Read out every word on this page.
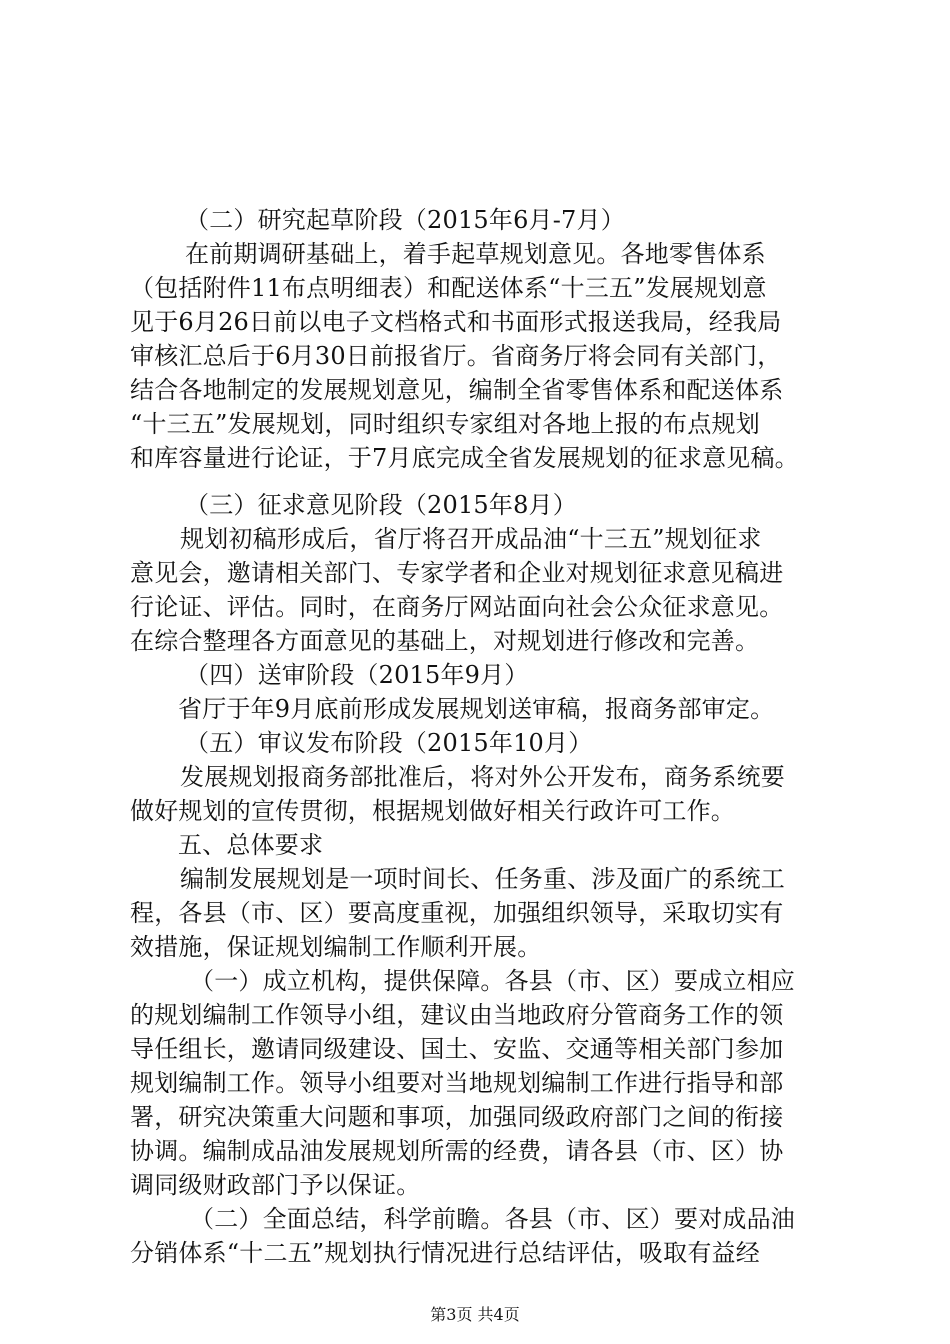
（二）研究起草阶段（2015年6月-7月）
在前期调研基础上，着手起草规划意见。各地零售体系
（包括附件11布点明细表）和配送体系“十三五”发展规划意
见于6月26日前以电子文档格式和书面形式报送我局，经我局
审核汇总后于6月30日前报省厅。省商务厅将会同有关部门，
结合各地制定的发展规划意见，编制全省零售体系和配送体系
“十三五”发展规划，同时组织专家组对各地上报的布点规划
和库容量进行论证，于7月底完成全省发展规划的征求意见稿。
（三）征求意见阶段（2015年8月）
规划初稿形成后，省厅将召开成品油“十三五”规划征求
意见会，邀请相关部门、专家学者和企业对规划征求意见稿进
行论证、评估。同时，在商务厅网站面向社会公众征求意见。
在综合整理各方面意见的基础上，对规划进行修改和完善。
（四）送审阶段（2015年9月）
省厅于年9月底前形成发展规划送审稿，报商务部审定。
（五）审议发布阶段（2015年10月）
发展规划报商务部批准后，将对外公开发布，商务系统要
做好规划的宣传贯彻，根据规划做好相关行政许可工作。
五、总体要求
编制发展规划是一项时间长、任务重、涉及面广的系统工
程，各县（市、区）要高度重视，加强组织领导，采取切实有
效措施，保证规划编制工作顺利开展。
（一）成立机构，提供保障。各县（市、区）要成立相应
的规划编制工作领导小组，建议由当地政府分管商务工作的领
导任组长，邀请同级建设、国土、安监、交通等相关部门参加
规划编制工作。领导小组要对当地规划编制工作进行指导和部
署，研究决策重大问题和事项，加强同级政府部门之间的衔接
协调。编制成品油发展规划所需的经费，请各县（市、区）协
调同级财政部门予以保证。
（二）全面总结，科学前瞻。各县（市、区）要对成品油
分销体系“十二五”规划执行情况进行总结评估，吸取有益经
第3页 共4页
